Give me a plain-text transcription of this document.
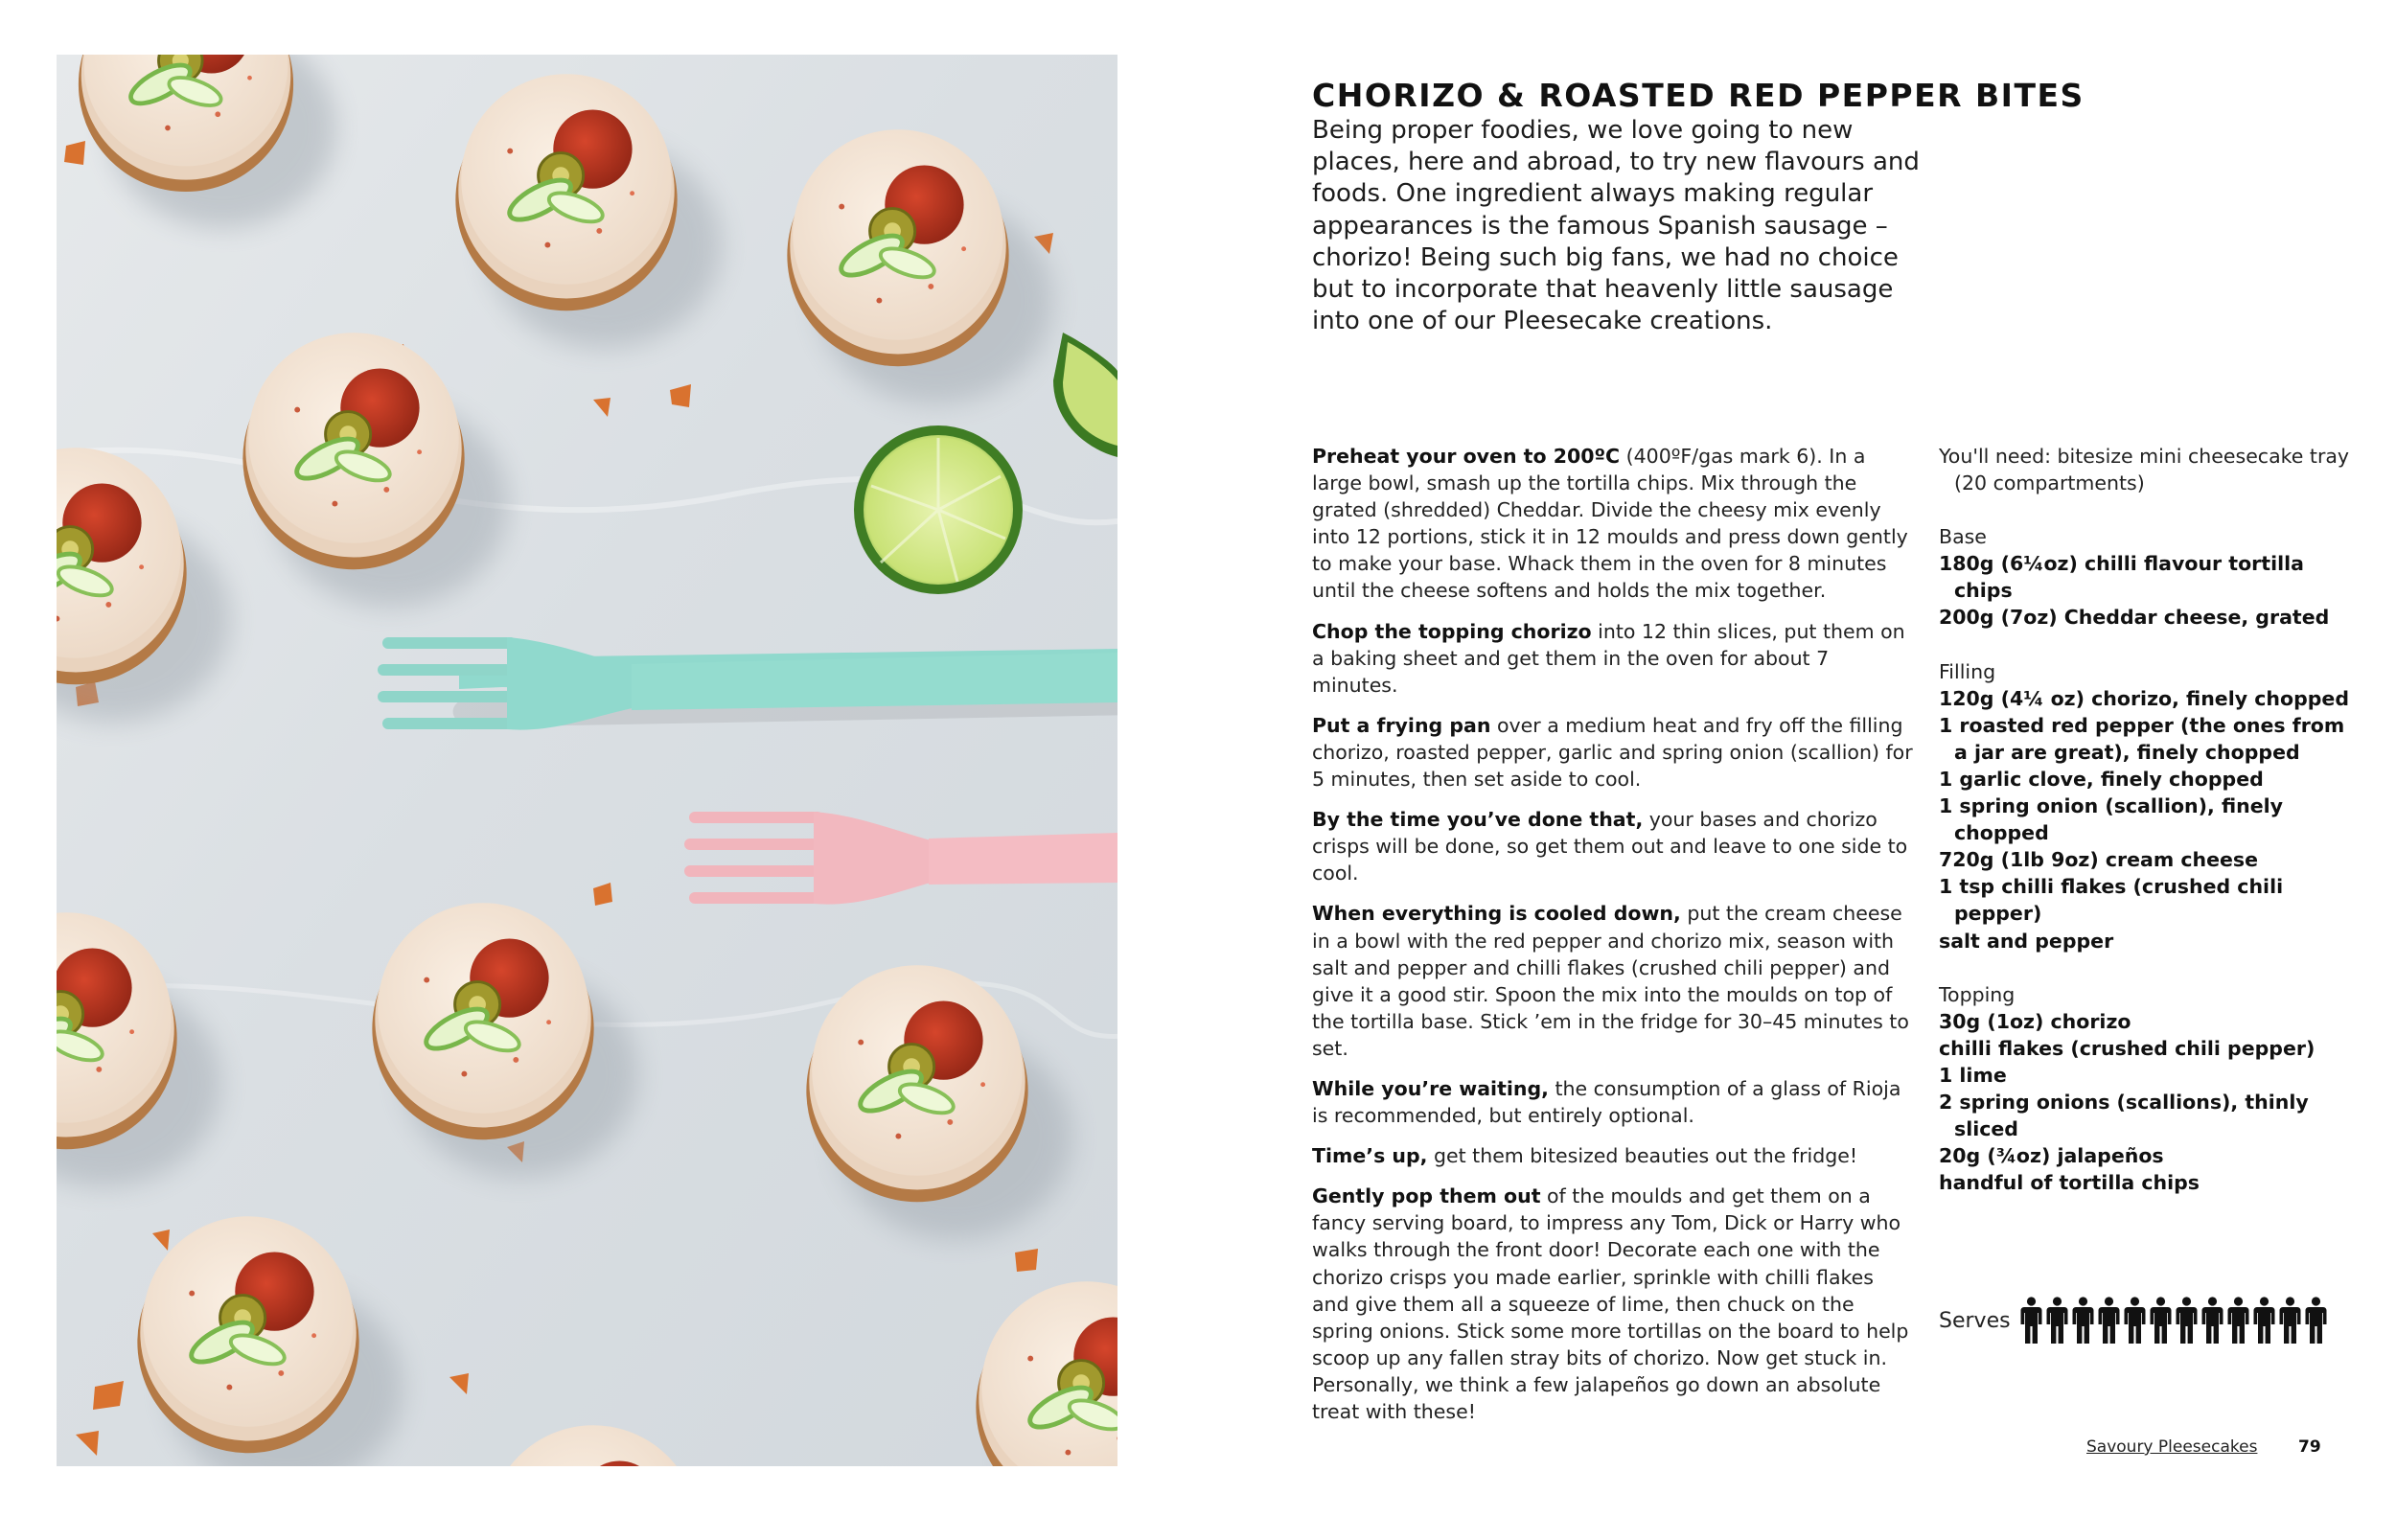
CHORIZO & ROASTED RED PEPPER BITES

Being proper foodies, we love going to new places, here and abroad, to try new flavours and foods. One ingredient always making regular appearances is the famous Spanish sausage – chorizo! Being such big fans, we had no choice but to incorporate that heavenly little sausage into one of our Pleesecake creations.

Preheat your oven to 200ºC (400ºF/gas mark 6). In a large bowl, smash up the tortilla chips. Mix through the grated (shredded) Cheddar. Divide the cheesy mix evenly into 12 portions, stick it in 12 moulds and press down gently to make your base. Whack them in the oven for 8 minutes until the cheese softens and holds the mix together.

Chop the topping chorizo into 12 thin slices, put them on a baking sheet and get them in the oven for about 7 minutes.

Put a frying pan over a medium heat and fry off the filling chorizo, roasted pepper, garlic and spring onion (scallion) for 5 minutes, then set aside to cool.

By the time you’ve done that, your bases and chorizo crisps will be done, so get them out and leave to one side to cool.

When everything is cooled down, put the cream cheese in a bowl with the red pepper and chorizo mix, season with salt and pepper and chilli flakes (crushed chili pepper) and give it a good stir. Spoon the mix into the moulds on top of the tortilla base. Stick ’em in the fridge for 30–45 minutes to set.

While you’re waiting, the consumption of a glass of Rioja is recommended, but entirely optional.

Time’s up, get them bitesized beauties out the fridge!

Gently pop them out of the moulds and get them on a fancy serving board, to impress any Tom, Dick or Harry who walks through the front door! Decorate each one with the chorizo crisps you made earlier, sprinkle with chilli flakes and give them all a squeeze of lime, then chuck on the spring onions. Stick some more tortillas on the board to help scoop up any fallen stray bits of chorizo. Now get stuck in. Personally, we think a few jalapeños go down an absolute treat with these!

You'll need: bitesize mini cheesecake tray (20 compartments)

Base

180g (6¼oz) chilli flavour tortilla chips
200g (7oz) Cheddar cheese, grated

Filling

120g (4¼ oz) chorizo, finely chopped
1 roasted red pepper (the ones from a jar are great), finely chopped
1 garlic clove, finely chopped
1 spring onion (scallion), finely chopped
720g (1lb 9oz) cream cheese
1 tsp chilli flakes (crushed chili pepper)
salt and pepper

Topping

30g (1oz) chorizo
chilli flakes (crushed chili pepper)
1 lime
2 spring onions (scallions), thinly sliced
20g (¾oz) jalapeños
handful of tortilla chips
Serves
Savoury Pleesecakes	79
